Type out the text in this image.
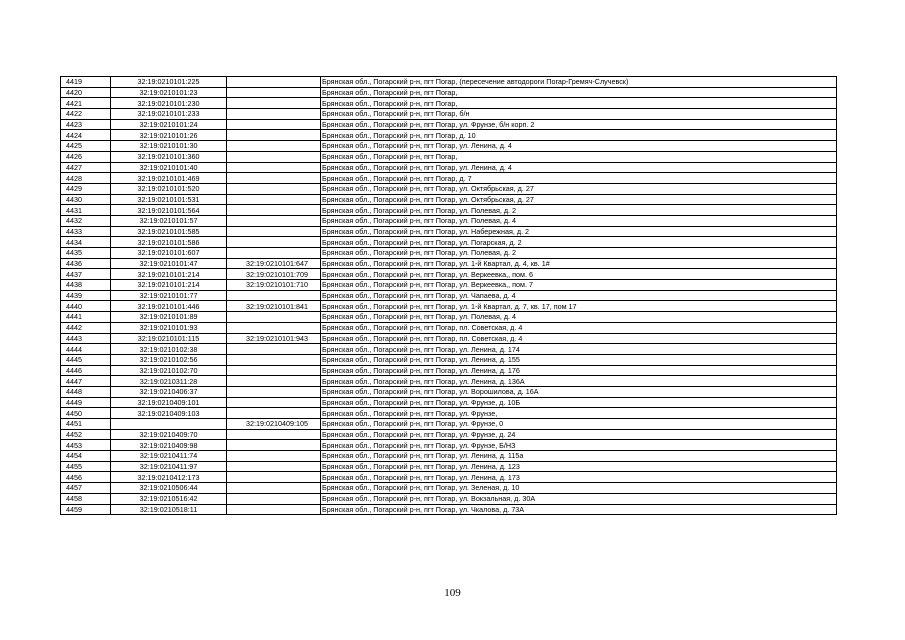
4419	32:19:0210101:225		Брянская обл., Погарский р-н, пгт Погар, (пересечение автодороги Погар-Гремяч-Случевск)
4420	32:19:0210101:23		Брянская обл., Погарский р-н, пгт Погар,
4421	32:19:0210101:230		Брянская обл., Погарский р-н, пгт Погар,
4422	32:19:0210101:233		Брянская обл., Погарский р-н, пгт Погар, б/н
4423	32:19:0210101:24		Брянская обл., Погарский р-н, пгт Погар, ул. Фрунзе, б/н корп. 2
4424	32:19:0210101:26		Брянская обл., Погарский р-н, пгт Погар, д. 10
4425	32:19:0210101:30		Брянская обл., Погарский р-н, пгт Погар, ул. Ленина, д. 4
4426	32:19:0210101:360		Брянская обл., Погарский р-н, пгт Погар,
4427	32:19:0210101:40		Брянская обл., Погарский р-н, пгт Погар, ул. Ленина, д. 4
4428	32:19:0210101:469		Брянская обл., Погарский р-н, пгт Погар, д. 7
4429	32:19:0210101:520		Брянская обл., Погарский р-н, пгт Погар, ул. Октябрьская, д. 27
4430	32:19:0210101:531		Брянская обл., Погарский р-н, пгт Погар, ул. Октябрьская, д. 27
4431	32:19:0210101:564		Брянская обл., Погарский р-н, пгт Погар, ул. Полевая, д. 2
4432	32:19:0210101:57		Брянская обл., Погарский р-н, пгт Погар, ул. Полевая, д. 4
4433	32:19:0210101:585		Брянская обл., Погарский р-н, пгт Погар, ул. Набережная, д. 2
4434	32:19:0210101:586		Брянская обл., Погарский р-н, пгт Погар, ул. Погарская, д. 2
4435	32:19:0210101:607		Брянская обл., Погарский р-н, пгт Погар, ул. Полевая, д. 2
4436	32:19:0210101:47	32:19:0210101:647	Брянская обл., Погарский р-н, пгт Погар, ул. 1-й Квартал, д. 4, кв. 1#
4437	32:19:0210101:214	32:19:0210101:709	Брянская обл., Погарский р-н, пгт Погар, ул. Веркеевка,, пом. 6
4438	32:19:0210101:214	32:19:0210101:710	Брянская обл., Погарский р-н, пгт Погар, ул. Веркеевка,, пом. 7
4439	32:19:0210101:77		Брянская обл., Погарский р-н, пгт Погар, ул. Чапаева, д. 4
4440	32:19:0210101:446	32:19:0210101:841	Брянская обл., Погарский р-н, пгт Погар, ул. 1-й Квартал, д. 7, кв. 17, пом 17
4441	32:19:0210101:89		Брянская обл., Погарский р-н, пгт Погар, ул. Полевая, д. 4
4442	32:19:0210101:93		Брянская обл., Погарский р-н, пгт Погар, пл. Советская, д. 4
4443	32:19:0210101:115	32:19:0210101:943	Брянская обл., Погарский р-н, пгт Погар, пл. Советская, д. 4
4444	32:19:0210102:38		Брянская обл., Погарский р-н, пгт Погар, ул. Ленина, д. 174
4445	32:19:0210102:56		Брянская обл., Погарский р-н, пгт Погар, ул. Ленина, д. 155
4446	32:19:0210102:70		Брянская обл., Погарский р-н, пгт Погар, ул. Ленина, д. 176
4447	32:19:0210311:28		Брянская обл., Погарский р-н, пгт Погар, ул. Ленина, д. 136А
4448	32:19:0210406:37		Брянская обл., Погарский р-н, пгт Погар, ул. Ворошилова, д. 16А
4449	32:19:0210409:101		Брянская обл., Погарский р-н, пгт Погар, ул. Фрунзе, д. 10Б
4450	32:19:0210409:103		Брянская обл., Погарский р-н, пгт Погар, ул. Фрунзе,
4451		32:19:0210409:105	Брянская обл., Погарский р-н, пгт Погар, ул. Фрунзе, 0
4452	32:19:0210409:70		Брянская обл., Погарский р-н, пгт Погар, ул. Фрунзе, д. 24
4453	32:19:0210409:98		Брянская обл., Погарский р-н, пгт Погар, ул. Фрунзе, Б/НЗ
4454	32:19:0210411:74		Брянская обл., Погарский р-н, пгт Погар, ул. Ленина, д. 115а
4455	32:19:0210411:97		Брянская обл., Погарский р-н, пгт Погар, ул. Ленина, д. 123
4456	32:19:0210412:173		Брянская обл., Погарский р-н, пгт Погар, ул. Ленина, д. 173
4457	32:19:0210506:44		Брянская обл., Погарский р-н, пгт Погар, ул. Зеленая, д. 10
4458	32:19:0210516:42		Брянская обл., Погарский р-н, пгт Погар, ул. Вокзальная, д. 30А
4459	32:19:0210518:11		Брянская обл., Погарский р-н, пгт Погар, ул. Чкалова, д. 73А
109
